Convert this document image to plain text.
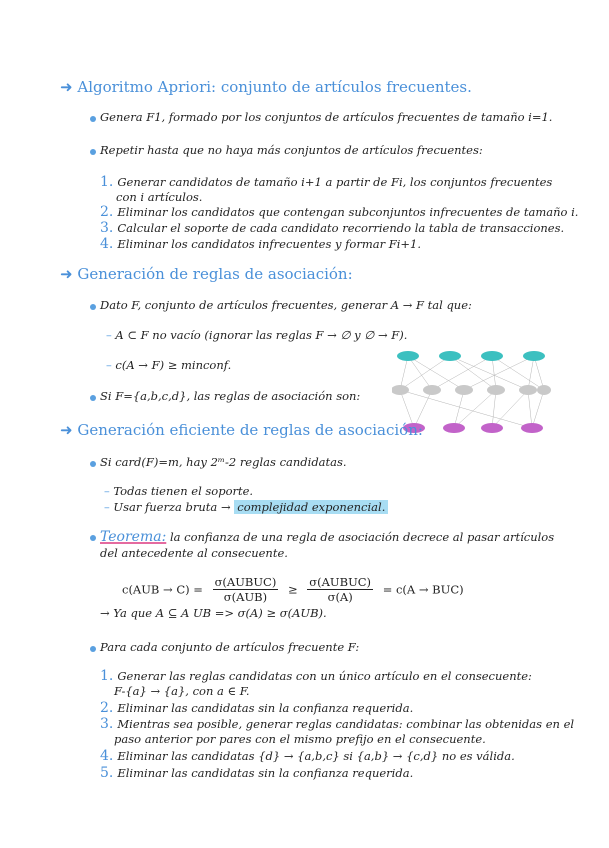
➜ Algoritmo Apriori: conjunto de artículos frecuentes.
Genera F1, formado por los conjuntos de artículos frecuentes de tamaño i=1.
Repetir hasta que no haya más conjuntos de artículos frecuentes:
1. Generar candidatos de tamaño i+1 a partir de Fi, los conjuntos frecuentes
con i artículos.
2. Eliminar los candidatos que contengan subconjuntos infrecuentes de tamaño i.
3. Calcular el soporte de cada candidato recorriendo la tabla de transacciones.
4. Eliminar los candidatos infrecuentes y formar Fi+1.
➜ Generación de reglas de asociación:
Dato F, conjunto de artículos frecuentes, generar A → F tal que:
– A ⊂ F no vacío (ignorar las reglas F → ∅ y ∅ → F).
– c(A → F) ≥ minconf.
Si F={a,b,c,d}, las reglas de asociación son:
➜ Generación eficiente de reglas de asociación:
Si card(F)=m, hay 2ᵐ-2 reglas candidatas.
– Todas tienen el soporte.
– Usar fuerza bruta → complejidad exponencial.
Teorema: la confianza de una regla de asociación decrece al pasar artículos
del antecedente al consecuente.
c(AUB → C) =
σ(AUBUC)
σ(AUB)
≥
σ(AUBUC)
σ(A)
= c(A → BUC)
→ Ya que A ⊆ A UB => σ(A) ≥ σ(AUB).
Para cada conjunto de artículos frecuente F:
1. Generar las reglas candidatas con un único artículo en el consecuente:
F-{a} → {a}, con a ∈ F.
2. Eliminar las candidatas sin la confianza requerida.
3. Mientras sea posible, generar reglas candidatas: combinar las obtenidas en el
paso anterior por pares con el mismo prefijo en el consecuente.
4. Eliminar las candidatas {d} → {a,b,c} si {a,b} → {c,d} no es válida.
5. Eliminar las candidatas sin la confianza requerida.
